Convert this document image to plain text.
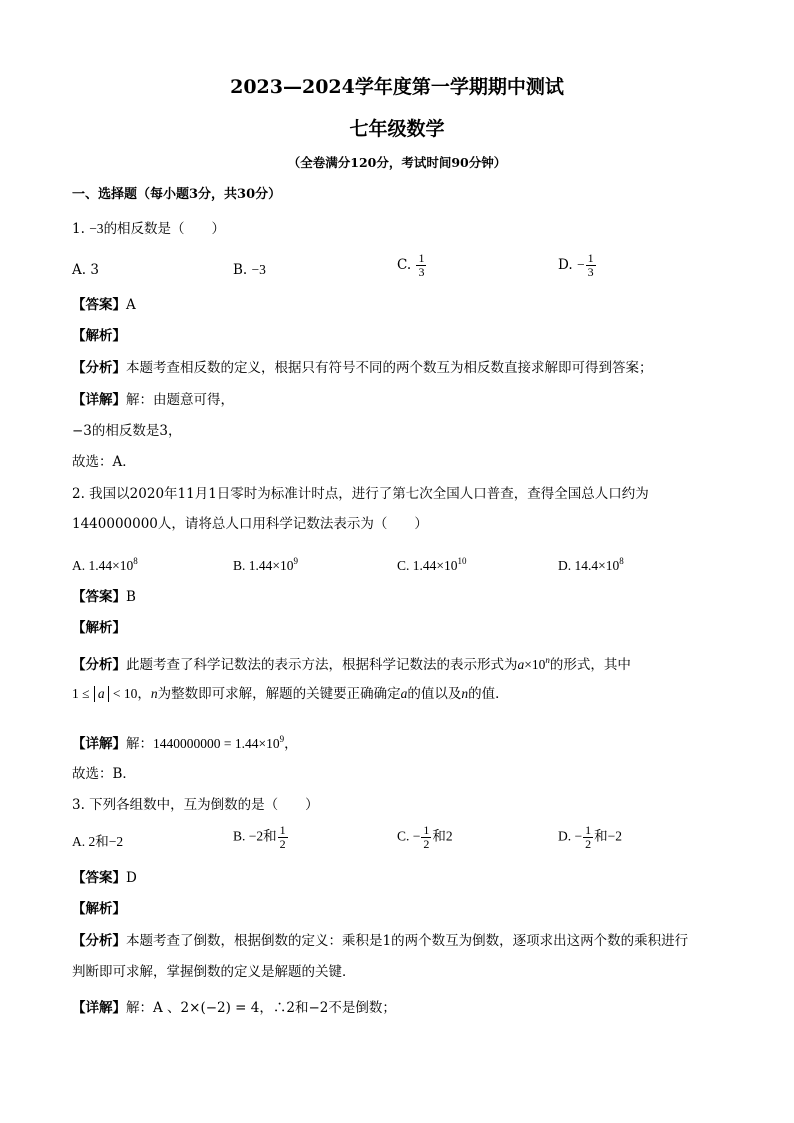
2023—2024学年度第一学期期中测试
七年级数学
（全卷满分120分，考试时间90分钟）
一、选择题（每小题3分，共30分）
1. −3的相反数是（　　）
A. 3	B. −3	C. $\frac{1}{3}$	D. − $\frac{1}{3}$
【答案】A
【解析】
【分析】本题考查相反数的定义，根据只有符号不同的两个数互为相反数直接求解即可得到答案；
【详解】解：由题意可得，
−3的相反数是3，
故选：A．
2. 我国以2020年11月1日零时为标准计时点，进行了第七次全国人口普查，查得全国总人口约为
1440000000人，请将总人口用科学记数法表示为（　　）
A. $1.44\times 10^8$	B. $1.44\times 10^9$	C. $1.44\times 10^{10}$	D. $14.4\times 10^8$
【答案】B
【解析】
【分析】此题考查了科学记数法的表示方法，根据科学记数法的表示形式为$a\times 10^n$的形式，其中
1 ≤ a < 10，n为整数即可求解，解题的关键要正确确定a的值以及n的值．
【详解】解：$1440000000 = 1.44\times 10^9$，
故选：B．
3. 下列各组数中，互为倒数的是（　　）
A. 2和−2	B. −2和 $\frac{1}{2}$	C. − $\frac{1}{2}$ 和2	D. − $\frac{1}{2}$ 和−2
【答案】D
【解析】
【分析】本题考查了倒数，根据倒数的定义：乘积是1的两个数互为倒数，逐项求出这两个数的乘积进行
判断即可求解，掌握倒数的定义是解题的关键．
【详解】解：A 、2×(−2) = 4，∴2和−2不是倒数；
